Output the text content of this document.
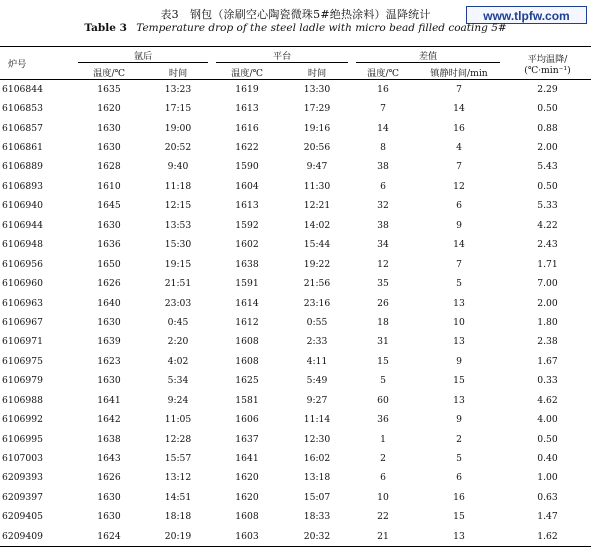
www.tlpfw.com
表3 钢包（涂刷空心陶瓷微珠5#绝热涂料）温降统计
Table 3 Temperature drop of the steel ladle with micro bead filled coating 5#
炉号	氩后		平台		差值		平均温降/
(℃·min⁻¹)

	温度/℃	时间	温度/℃	时间	温度/℃	镇静时间/min	
6106844	1635	13:23	1619	13:30	16	7	2.29
6106853	1620	17:15	1613	17:29	7	14	0.50
6106857	1630	19:00	1616	19:16	14	16	0.88
6106861	1630	20:52	1622	20:56	8	4	2.00
6106889	1628	9:40	1590	9:47	38	7	5.43
6106893	1610	11:18	1604	11:30	6	12	0.50
6106940	1645	12:15	1613	12:21	32	6	5.33
6106944	1630	13:53	1592	14:02	38	9	4.22
6106948	1636	15:30	1602	15:44	34	14	2.43
6106956	1650	19:15	1638	19:22	12	7	1.71
6106960	1626	21:51	1591	21:56	35	5	7.00
6106963	1640	23:03	1614	23:16	26	13	2.00
6106967	1630	0:45	1612	0:55	18	10	1.80
6106971	1639	2:20	1608	2:33	31	13	2.38
6106975	1623	4:02	1608	4:11	15	9	1.67
6106979	1630	5:34	1625	5:49	5	15	0.33
6106988	1641	9:24	1581	9:27	60	13	4.62
6106992	1642	11:05	1606	11:14	36	9	4.00
6106995	1638	12:28	1637	12:30	1	2	0.50
6107003	1643	15:57	1641	16:02	2	5	0.40
6209393	1626	13:12	1620	13:18	6	6	1.00
6209397	1630	14:51	1620	15:07	10	16	0.63
6209405	1630	18:18	1608	18:33	22	15	1.47
6209409	1624	20:19	1603	20:32	21	13	1.62
